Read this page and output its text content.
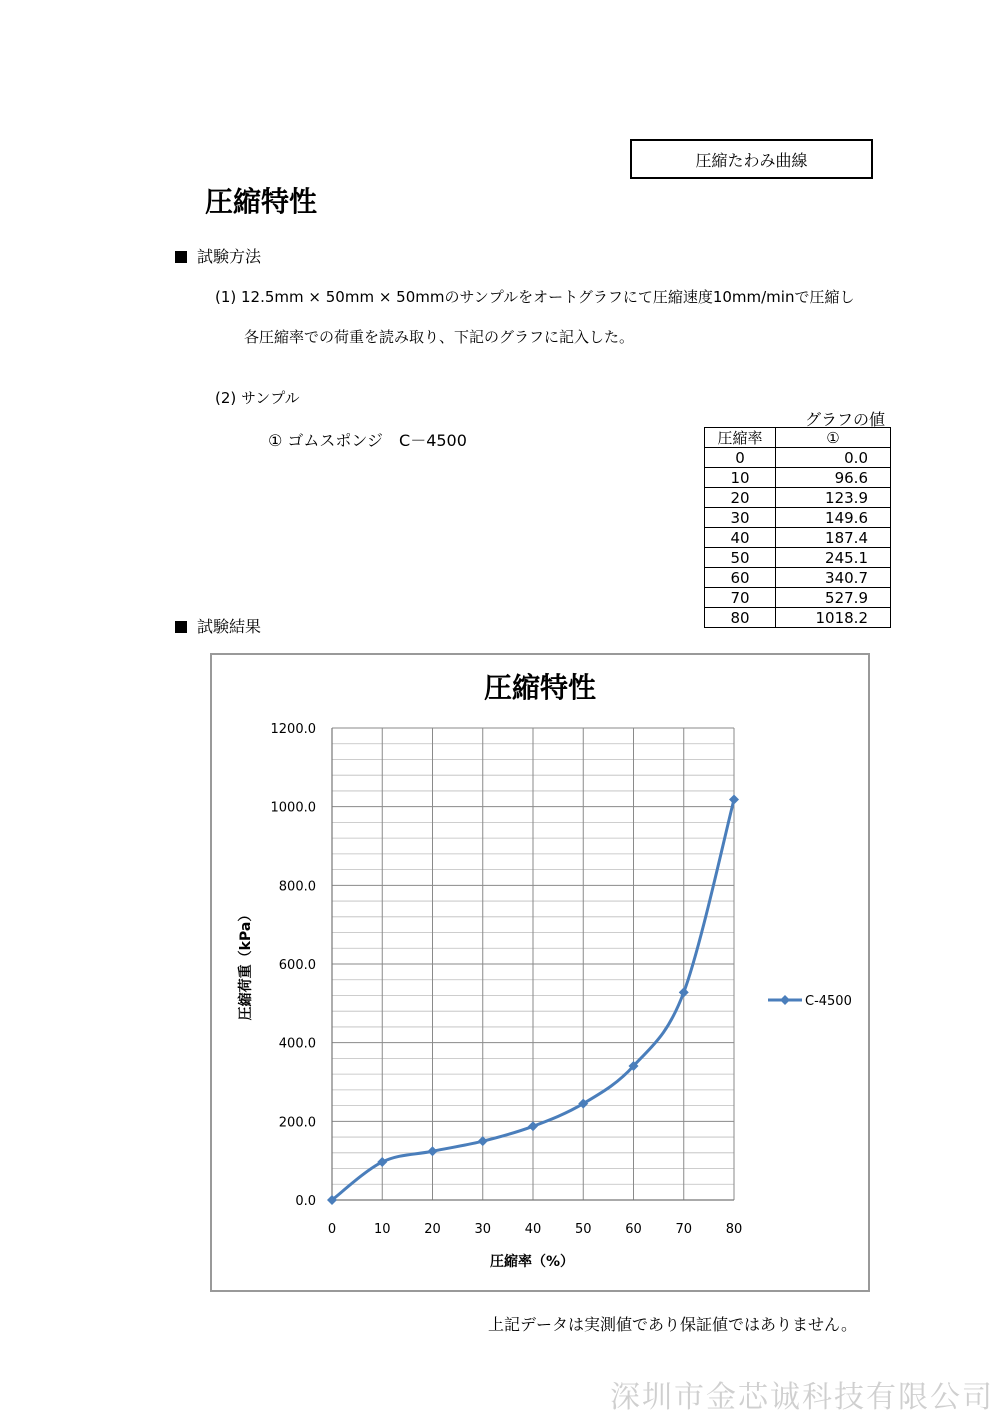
圧縮たわみ曲線
圧縮特性
試験方法
(1) 12.5mm × 50mm × 50mmのサンプルをオートグラフにて圧縮速度10mm/minで圧縮し
各圧縮率での荷重を読み取り、下記のグラフに記入した。
(2) サンプル
① ゴムスポンジ　C－4500
グラフの値
圧縮率	①
0	0.0
10	96.6
20	123.9
30	149.6
40	187.4
50	245.1
60	340.7
70	527.9
80	1018.2
試験結果
0.0
200.0
400.0
600.0
800.0
1000.0
1200.0
0	10	20	30	40	50	60	70	80
圧縮特性
圧縮率（%）
圧縮荷重（kPa）	C-4500
上記データは実測値であり保証値ではありません。
深圳市金芯诚科技有限公司
